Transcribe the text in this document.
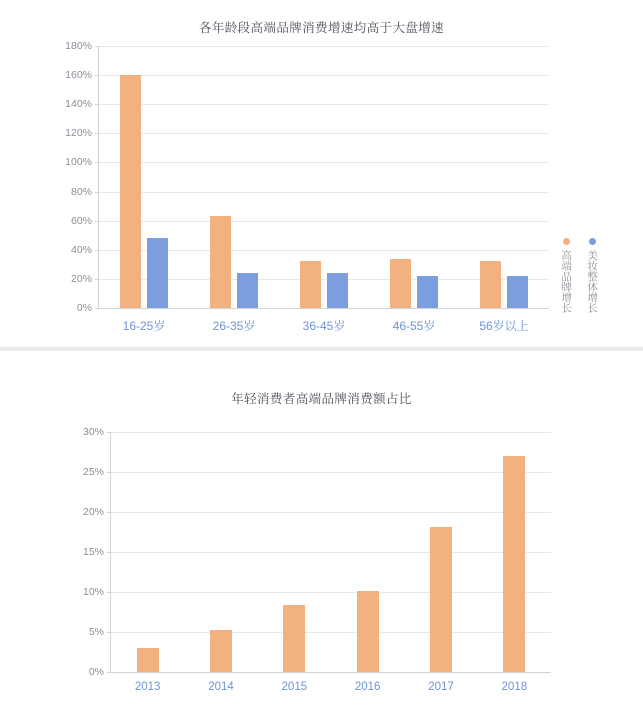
各年龄段高端品牌消费增速均高于大盘增速
0%
20%
40%
60%
80%
100%
120%
140%
160%
180%
16-25岁	26-35岁	36-45岁	46-55岁	56岁以上
高端品牌增长 美妆整体增长
年轻消费者高端品牌消费额占比
0%
5%
10%
15%
20%
25%
30%
2013	2014	2015	2016	2017	2018
